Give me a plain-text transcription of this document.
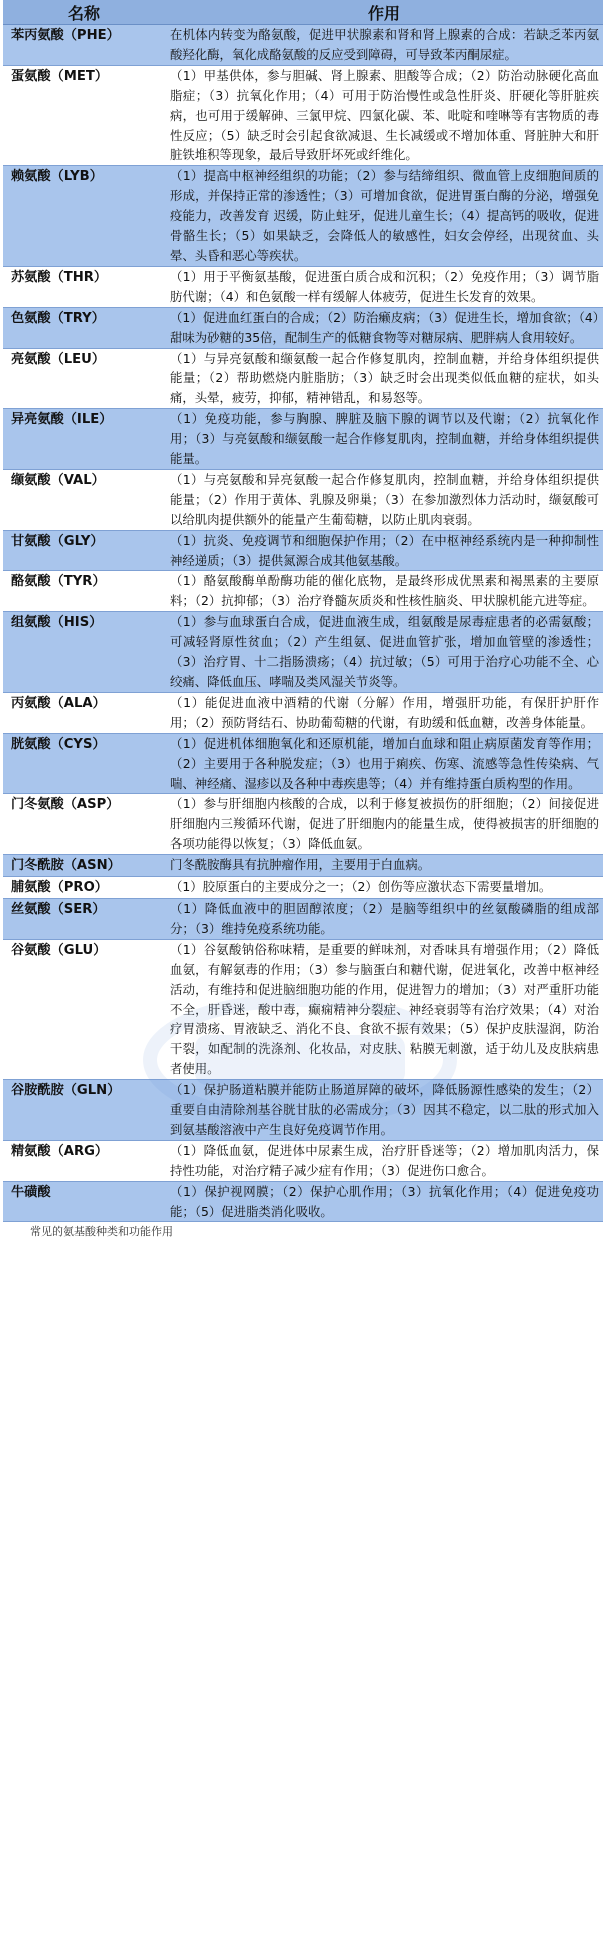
名称	作用
苯丙氨酸（PHE）	在机体内转变为酪氨酸，促进甲状腺素和肾和肾上腺素的合成：若缺乏苯丙氨酸羟化酶，氧化成酪氨酸的反应受到障碍，可导致苯丙酮尿症。
蛋氨酸（MET）	（1）甲基供体，参与胆碱、肾上腺素、胆酸等合成；（2）防治动脉硬化高血脂症；（3）抗氧化作用；（4）可用于防治慢性或急性肝炎、肝硬化等肝脏疾病，也可用于缓解砷、三氯甲烷、四氯化碳、苯、吡啶和喹啉等有害物质的毒性反应；（5）缺乏时会引起食欲减退、生长减缓或不增加体重、肾脏肿大和肝脏铁堆积等现象，最后导致肝坏死或纤维化。
赖氨酸（LYB）	（1）提高中枢神经组织的功能；（2）参与结缔组织、微血管上皮细胞间质的形成，并保持正常的渗透性；（3）可增加食欲，促进胃蛋白酶的分泌，增强免疫能力，改善发育 迟缓，防止蛀牙，促进儿童生长；（4）提高钙的吸收，促进骨骼生长；（5）如果缺乏，会降低人的敏感性，妇女会停经，出现贫血、头晕、头昏和恶心等疾状。
苏氨酸（THR）	（1）用于平衡氨基酸，促进蛋白质合成和沉积；（2）免疫作用；（3）调节脂肪代谢；（4）和色氨酸一样有缓解人体疲劳，促进生长发育的效果。
色氨酸（TRY）	（1）促进血红蛋白的合成；（2）防治癞皮病；（3）促进生长，增加食欲；（4）甜味为砂糖的35倍，配制生产的低糖食物等对糖尿病、肥胖病人食用较好。
亮氨酸（LEU）	（1）与异亮氨酸和缬氨酸一起合作修复肌肉，控制血糖，并给身体组织提供能量；（2）帮助燃烧内脏脂肪；（3）缺乏时会出现类似低血糖的症状，如头痛，头晕，疲劳，抑郁，精神错乱，和易怒等。
异亮氨酸（ILE）	（1）免疫功能，参与胸腺、脾脏及脑下腺的调节以及代谢；（2）抗氧化作用；（3）与亮氨酸和缬氨酸一起合作修复肌肉，控制血糖，并给身体组织提供能量。
缬氨酸（VAL）	（1）与亮氨酸和异亮氨酸一起合作修复肌肉，控制血糖，并给身体组织提供能量；（2）作用于黄体、乳腺及卵巢；（3）在参加激烈体力活动时，缬氨酸可以给肌肉提供额外的能量产生葡萄糖，以防止肌肉衰弱。
甘氨酸（GLY）	（1）抗炎、免疫调节和细胞保护作用；（2）在中枢神经系统内是一种抑制性神经递质；（3）提供氮源合成其他氨基酸。
酪氨酸（TYR）	（1）酪氨酸酶单酚酶功能的催化底物，是最终形成优黑素和褐黑素的主要原料；（2）抗抑郁；（3）治疗脊髓灰质炎和性核性脑炎、甲状腺机能亢进等症。
组氨酸（HIS）	（1）参与血球蛋白合成，促进血液生成，组氨酸是尿毒症患者的必需氨酸；可减轻肾原性贫血；（2）产生组氨、促进血管扩张，增加血管壁的渗透性；（3）治疗胃、十二指肠溃疡；（4）抗过敏；（5）可用于治疗心功能不全、心绞痛、降低血压、哮喘及类风湿关节炎等。
丙氨酸（ALA）	（1）能促进血液中酒精的代谢（分解）作用，增强肝功能，有保肝护肝作用；（2）预防肾结石、协助葡萄糖的代谢，有助缓和低血糖，改善身体能量。
胱氨酸（CYS）	（1）促进机体细胞氧化和还原机能，增加白血球和阻止病原菌发育等作用；（2）主要用于各种脱发症；（3）也用于痢疾、伤寒、流感等急性传染病、气喘、神经痛、湿疹以及各种中毒疾患等；（4）并有维持蛋白质构型的作用。
门冬氨酸（ASP）	（1）参与肝细胞内核酸的合成，以利于修复被损伤的肝细胞；（2）间接促进肝细胞内三羧循环代谢，促进了肝细胞内的能量生成，使得被损害的肝细胞的各项功能得以恢复；（3）降低血氨。
门冬酰胺（ASN）	门冬酰胺酶具有抗肿瘤作用，主要用于白血病。
脯氨酸（PRO）	（1）胶原蛋白的主要成分之一；（2）创伤等应激状态下需要量增加。
丝氨酸（SER）	（1）降低血液中的胆固醇浓度；（2）是脑等组织中的丝氨酸磷脂的组成部分；（3）维持免疫系统功能。
谷氨酸（GLU）	（1）谷氨酸钠俗称味精，是重要的鲜味剂，对香味具有增强作用；（2）降低血氨，有解氨毒的作用；（3）参与脑蛋白和糖代谢，促进氧化，改善中枢神经活动，有维持和促进脑细胞功能的作用，促进智力的增加；（3）对严重肝功能不全，肝昏迷，酸中毒，癫痫精神分裂症、神经衰弱等有治疗效果；（4）对治疗胃溃疡、胃液缺乏、消化不良、食欲不振有效果；（5）保护皮肤湿润，防治干裂，如配制的洗涤剂、化妆品，对皮肤、粘膜无刺激，适于幼儿及皮肤病患者使用。
谷胺酰胺（GLN）	（1）保护肠道粘膜并能防止肠道屏障的破坏，降低肠源性感染的发生；（2）重要自由清除剂基谷胱甘肽的必需成分；（3）因其不稳定，以二肽的形式加入到氨基酸溶液中产生良好免疫调节作用。
精氨酸（ARG）	（1）降低血氨，促进体中尿素生成，治疗肝昏迷等；（2）增加肌肉活力，保持性功能，对治疗精子减少症有作用；（3）促进伤口愈合。
牛磺酸	（1）保护视网膜；（2）保护心肌作用；（3）抗氧化作用；（4）促进免疫功能；（5）促进脂类消化吸收。
常见的氨基酸种类和功能作用
